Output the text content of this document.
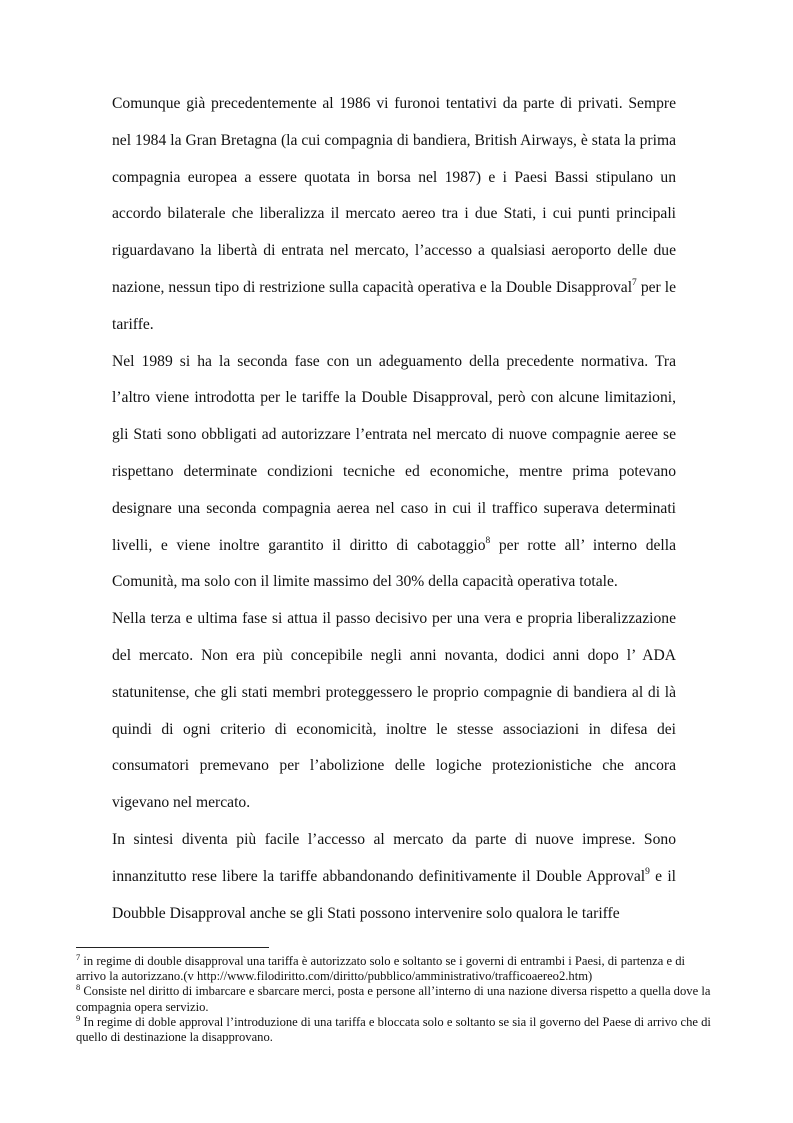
Comunque già precedentemente al 1986 vi furonoi tentativi da parte di privati. Sempre nel 1984 la Gran Bretagna (la cui compagnia di bandiera, British Airways, è stata la prima compagnia europea a essere quotata in borsa nel 1987) e i Paesi Bassi stipulano un accordo bilaterale che liberalizza il mercato aereo tra i due Stati, i cui punti principali riguardavano la libertà di entrata nel mercato, l’accesso a qualsiasi aeroporto delle due nazione, nessun tipo di restrizione sulla capacità operativa e la Double Disapproval$^7$ per le tariffe.

Nel 1989 si ha la seconda fase con un adeguamento della precedente normativa. Tra l’altro viene introdotta per le tariffe la Double Disapproval, però con alcune limitazioni, gli Stati sono obbligati ad autorizzare l’entrata nel mercato di nuove compagnie aeree se rispettano determinate condizioni tecniche ed economiche, mentre prima potevano designare una seconda compagnia aerea nel caso in cui il traffico superava determinati livelli, e viene inoltre garantito il diritto di cabotaggio$^8$ per rotte all’ interno della Comunità, ma solo con il limite massimo del 30% della capacità operativa totale.

Nella terza e ultima fase si attua il passo decisivo per una vera e propria liberalizzazione del mercato. Non era più concepibile negli anni novanta, dodici anni dopo l’ ADA statunitense, che gli stati membri proteggessero le proprio compagnie di bandiera al di là quindi di ogni criterio di economicità, inoltre le stesse associazioni in difesa dei consumatori premevano per l’abolizione delle logiche protezionistiche che ancora vigevano nel mercato.

In sintesi diventa più facile l’accesso al mercato da parte di nuove imprese. Sono innanzitutto rese libere la tariffe abbandonando definitivamente il Double Approval$^9$ e il Doubble Disapproval anche se gli Stati possono intervenire solo qualora le tariffe

$^7$ in regime di double disapproval una tariffa è autorizzato solo e soltanto se i governi di entrambi i Paesi, di partenza e di arrivo la autorizzano.(v http://www.filodiritto.com/diritto/pubblico/amministrativo/trafficoaereo2.htm)

$^8$ Consiste nel diritto di imbarcare e sbarcare merci, posta e persone all’interno di una nazione diversa rispetto a quella dove la compagnia opera servizio.

$^9$ In regime di doble approval l’introduzione di una tariffa e bloccata solo e soltanto se sia il governo del Paese di arrivo che di quello di destinazione la disapprovano.
